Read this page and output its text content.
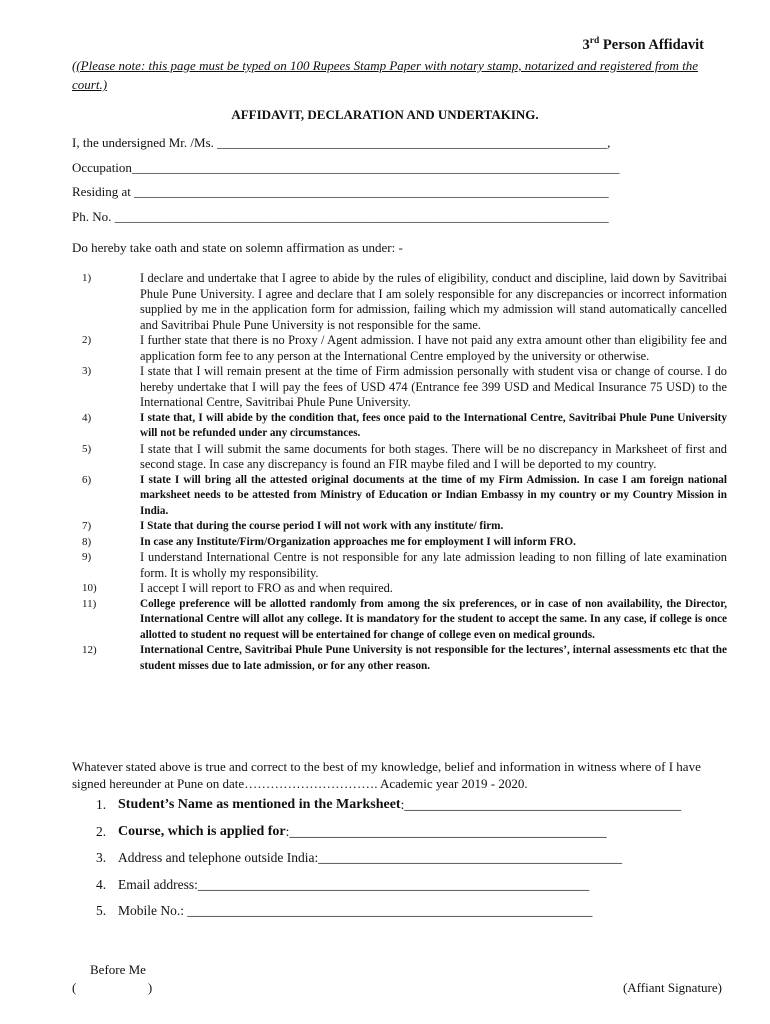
3rd Person Affidavit
((Please note: this page must be typed on 100 Rupees Stamp Paper with notary stamp, notarized and registered from the court.)
AFFIDAVIT, DECLARATION AND UNDERTAKING.
I, the undersigned Mr. /Ms. ____________________________________________________________,
Occupation___________________________________________________________________________
Residing at _________________________________________________________________________
Ph. No. ____________________________________________________________________________
Do hereby take oath and state on solemn affirmation as under: -
1)	I declare and undertake that I agree to abide by the rules of eligibility, conduct and discipline, laid down by Savitribai Phule Pune University. I agree and declare that I am solely responsible for any discrepancies or incorrect information supplied by me in the application form for admission, failing which my admission will stand automatically cancelled and Savitribai Phule Pune University is not responsible for the same.
2)	I further state that there is no Proxy / Agent admission. I have not paid any extra amount other than eligibility fee and application form fee to any person at the International Centre employed by the university or otherwise.
3)	I state that I will remain present at the time of Firm admission personally with student visa or change of course. I do hereby undertake that I will pay the fees of USD 474 (Entrance fee 399 USD and Medical Insurance 75 USD) to the International Centre, Savitribai Phule Pune University.
4)	I state that, I will abide by the condition that, fees once paid to the International Centre, Savitribai Phule Pune University will not be refunded under any circumstances.
5)	I state that I will submit the same documents for both stages. There will be no discrepancy in Marksheet of first and second stage. In case any discrepancy is found an FIR maybe filed and I will be deported to my country.
6)	I state I will bring all the attested original documents at the time of my Firm Admission. In case I am foreign national marksheet needs to be attested from Ministry of Education or Indian Embassy in my country or my Country Mission in India.
7)	I State that during the course period I will not work with any institute/ firm.
8)	In case any Institute/Firm/Organization approaches me for employment I will inform FRO.
9)	I understand International Centre is not responsible for any late admission leading to non filling of late examination form. It is wholly my responsibility.
10)	I accept I will report to FRO as and when required.
11)	College preference will be allotted randomly from among the six preferences, or in case of non availability, the Director, International Centre will allot any college. It is mandatory for the student to accept the same. In any case, if college is once allotted to student no request will be entertained for change of college even on medical grounds.
12)	International Centre, Savitribai Phule Pune University is not responsible for the lectures’, internal assessments etc that the student misses due to late admission, or for any other reason.
Whatever stated above is true and correct to the best of my knowledge, belief and information in witness where of I have signed hereunder at Pune on date…………………………. Academic year 2019 - 2020.
1. Student’s Name as mentioned in the Marksheet :_________________________________________
2. Course, which is applied for :_______________________________________________
3. Address and telephone outside India :_____________________________________________
4. Email address :__________________________________________________________
5. Mobile No. : ____________________________________________________________
Before Me
(                      )	(Affiant Signature)
